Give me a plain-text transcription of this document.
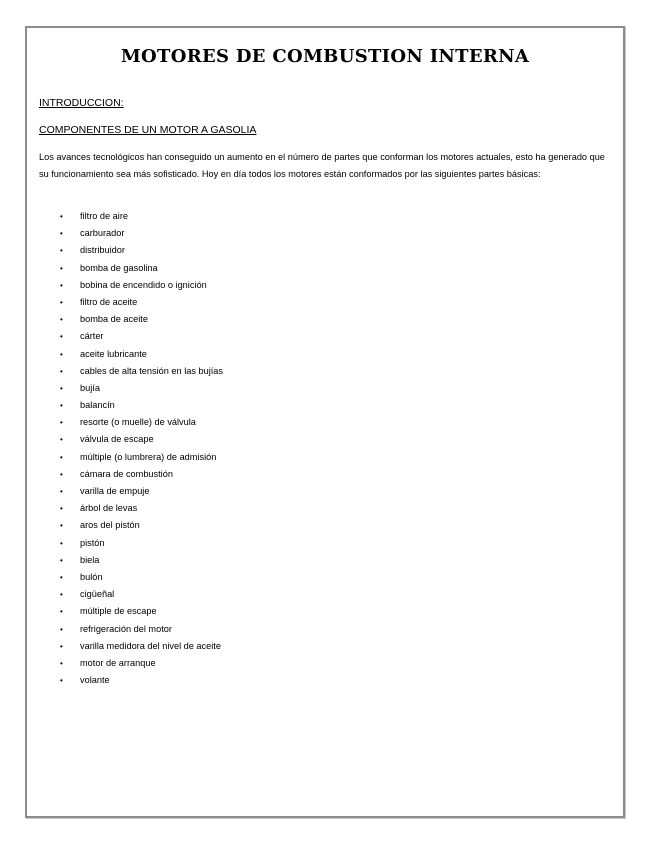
MOTORES DE COMBUSTION INTERNA

INTRODUCCION:

COMPONENTES DE UN MOTOR A GASOLIA

Los avances tecnológicos han conseguido un aumento en el número de partes que conforman los motores actuales, esto ha generado que su funcionamiento sea más sofisticado. Hoy en día todos los motores están conformados por las siguientes partes básicas:

• filtro de aire
• carburador
• distribuidor
• bomba de gasolina
• bobina de encendido o ignición
• filtro de aceite
• bomba de aceite
• cárter
• aceite lubricante
• cables de alta tensión en las bujías
• bujía
• balancín
• resorte (o muelle) de válvula
• válvula de escape
• múltiple (o lumbrera) de admisión
• cámara de combustión
• varilla de empuje
• árbol de levas
• aros del pistón
• pistón
• biela
• bulón
• cigüeñal
• múltiple de escape
• refrigeración del motor
• varilla medidora del nivel de aceite
• motor de arranque
• volante
